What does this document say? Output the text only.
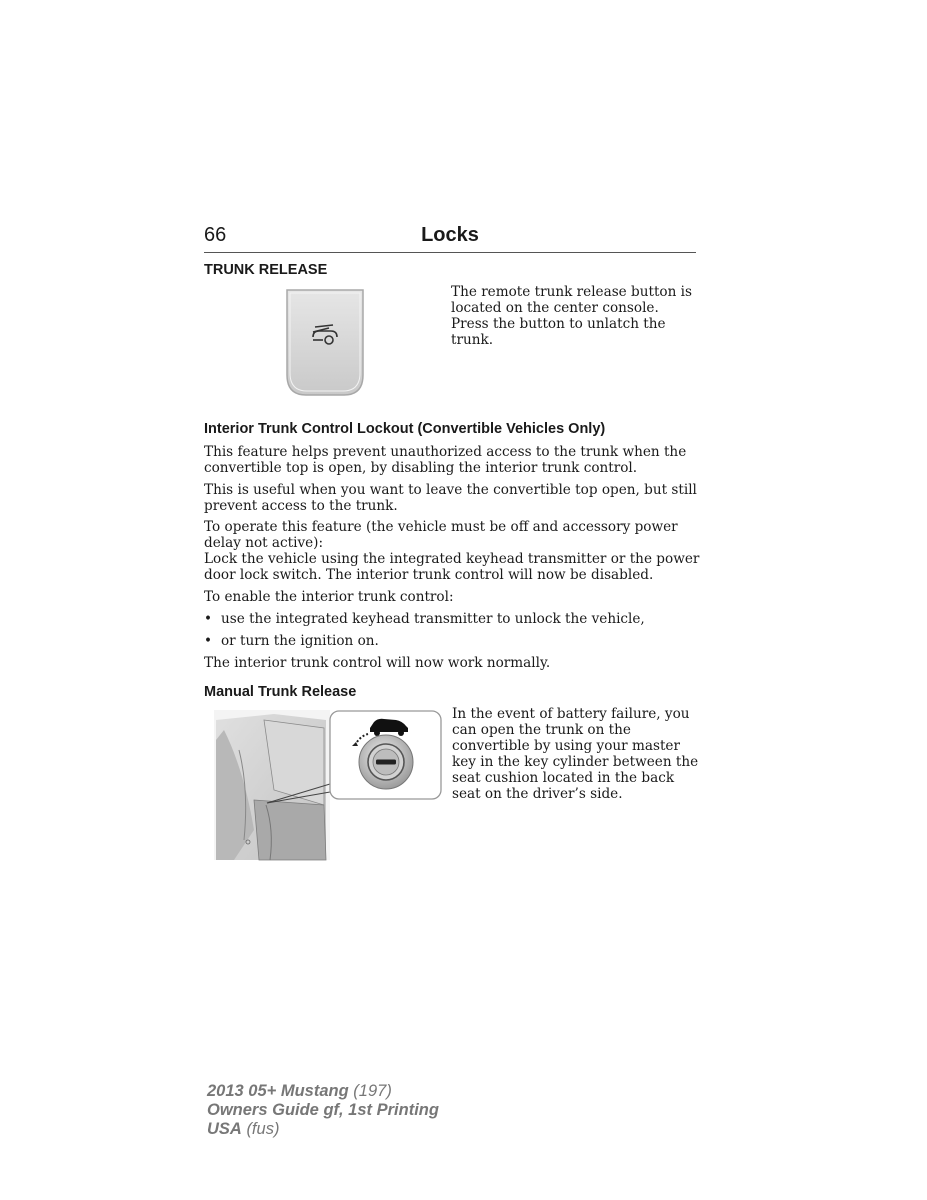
66	Locks
TRUNK RELEASE

The remote trunk release button is
located on the center console.
Press the button to unlatch the
trunk.

Interior Trunk Control Lockout (Convertible Vehicles Only)

This feature helps prevent unauthorized access to the trunk when the
convertible top is open, by disabling the interior trunk control.

This is useful when you want to leave the convertible top open, but still
prevent access to the trunk.

To operate this feature (the vehicle must be off and accessory power
delay not active):
Lock the vehicle using the integrated keyhead transmitter or the power
door lock switch. The interior trunk control will now be disabled.

To enable the interior trunk control:

• use the integrated keyhead transmitter to unlock the vehicle,
• or turn the ignition on.

The interior trunk control will now work normally.

Manual Trunk Release

In the event of battery failure, you
can open the trunk on the
convertible by using your master
key in the key cylinder between the
seat cushion located in the back
seat on the driver’s side.

2013 05+ Mustang (197)
Owners Guide gf, 1st Printing
USA (fus)
